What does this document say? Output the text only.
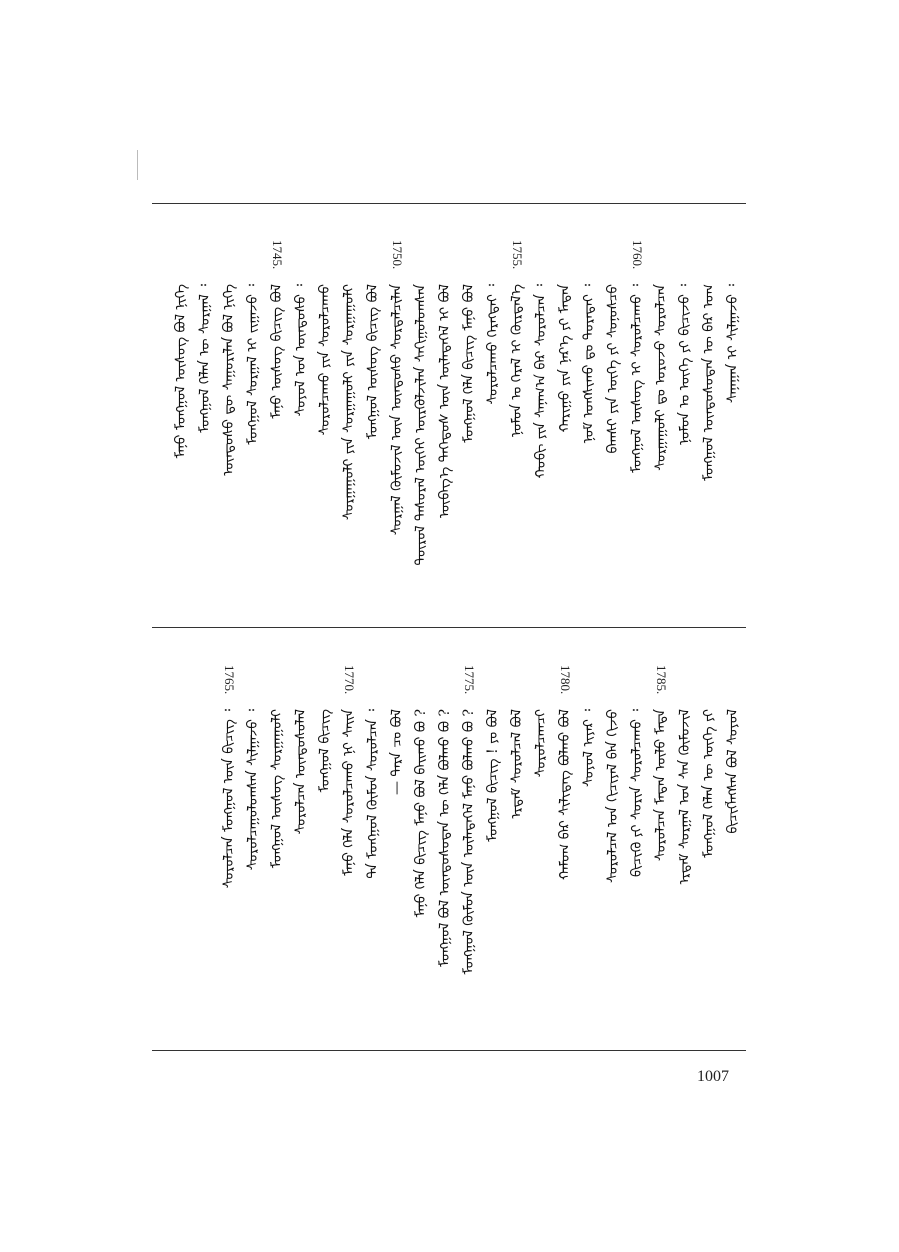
ᠰᠠᠨᠠᠭᠠᠨ ᠢ ᠰᠢᠯᠭᠠᠵᠤ ᠄
ᠮᠣᠩᠭᠣᠯ ᠦᠨᠳᠦᠰᠦᠲᠡᠨ ᠦ ᠪᠠᠷ ᠤᠭ
ᠨᠣᠮᠤᠨ ᠤ ᠦᠭᠡ ᠶᠢ ᠪᠢᠴᠢᠵᠦ ᠄
ᠰᠤᠷᠭᠠᠭᠤᠯᠢ ᠳᠤ ᠣᠷᠤᠵᠤ ᠰᠤᠷᠤᠯᠴᠠᠨ
1760.
ᠮᠣᠩᠭᠣᠯ ᠦᠰᠦᠭ ᠢ ᠰᠤᠷᠤᠯᠴᠠᠬᠤ ᠄
ᠪᠠᠭᠰᠢ ᠶᠢᠨ ᠦᠭᠡ ᠶᠢ ᠰᠣᠨᠣᠰᠴᠤ
ᠨᠣᠮ ᠤᠩᠰᠢᠬᠤ ᠳᠤ ᠳᠤᠷᠠᠲᠠᠢ ᠄
ᠬᠠᠷᠢᠭᠤ ᠶᠢᠨ ᠨᠡᠷ᠎ᠡ ᠶᠢ ᠮᠡᠳᠡᠨ
ᠬᠤᠪᠢ ᠶᠢᠨ ᠰᠠᠨᠠᠭ᠎ᠠ ᠪᠠᠷ ᠰᠤᠷᠤᠯᠴᠠᠨ ᠄
1755.
ᠨᠣᠮᠤᠨ ᠤ ᠭᠡᠷᠡᠯ ᠢ ᠬᠦᠷᠲᠡᠯ᠎ᠡ
ᠰᠤᠷᠤᠯᠴᠠᠬᠤ ᠬᠡᠷᠡᠭᠲᠡᠢ ᠄
ᠮᠣᠩᠭᠣᠯ ᠬᠡᠯᠡ ᠪᠢᠴᠢᠭ ᠮᠠᠨᠤ ᠪᠣᠯ
ᠦᠪᠡᠭ᠎ᠡ ᠳᠡᠭᠡᠳᠦᠰ ᠦᠨ ᠦᠯᠡᠳᠡᠭᠡᠯ ᠢ ᠪᠣᠯ
ᠲᠥᠷᠦᠯ ᠲᠠᠰᠤᠷᠠᠯ ᠦᠭᠡᠢ ᠦᠷᠭᠦᠯᠵᠢᠯᠡᠨ ᠰᠠᠬᠢᠭᠤᠯᠤᠭᠰᠠᠨ
1750.
ᠰᠤᠷᠭᠠᠯ ᠬᠦᠮᠦᠵᠢᠯ ᠦᠨ ᠦᠨᠳᠦᠰᠦ ᠰᠤᠷᠲᠠᠯᠴᠢᠯᠠᠨ
ᠮᠣᠩᠭᠣᠯ ᠦᠰᠦᠭ ᠪᠢᠴᠢᠭ ᠪᠣᠯ
ᠰᠤᠷᠭᠠᠭᠤᠯᠢ ᠶᠢᠨ ᠰᠤᠷᠭᠠᠭᠤᠯᠢ ᠶᠢᠨ ᠰᠤᠷᠭᠠᠭᠤᠯᠢ
ᠰᠤᠷᠤᠯᠴᠠᠬᠤ ᠶᠢᠨ ᠰᠤᠷᠤᠯᠴᠠᠬᠤ
ᠰᠣᠶᠣᠯ ᠤᠨ ᠦᠨᠳᠦᠰᠦ ᠄
1745.
ᠮᠠᠨᠤ ᠦᠰᠦᠭ ᠪᠢᠴᠢᠭ ᠪᠣᠯ
ᠮᠣᠩᠭᠣᠯ ᠰᠤᠷᠭᠠᠯ ᠢ ᠵᠢᠭᠠᠵᠤ ᠄
ᠦᠨᠳᠦᠰᠦ ᠳᠦ ᠰᠠᠭᠤᠷᠢᠯᠠᠨ ᠪᠣᠯ ᠨᠢᠭᠡ
ᠮᠣᠩᠭᠣᠯ ᠬᠡᠯᠡᠨ ᠦ ᠰᠤᠷᠭᠠᠯ ᠄
ᠮᠠᠨᠤ ᠮᠣᠩᠭᠣᠯ ᠦᠰᠦᠭ ᠪᠣᠯ ᠨᠢᠭᠡ
ᠪᠢᠴᠢᠭᠯᠡᠭᠰᠡᠨ ᠪᠣᠯ ᠰᠣᠶᠣᠯ
ᠮᠣᠩᠭᠣᠯ ᠬᠡᠯᠡᠨ ᠦ ᠦᠭᠡ ᠶᠢ
ᠡᠷᠳᠡᠮ ᠰᠤᠷᠭᠠᠯ ᠤᠨ ᠰᠠᠨ ᠬᠦᠮᠦᠵᠢᠯ
1785.
ᠰᠤᠷᠤᠯᠴᠠᠨ ᠮᠡᠳᠡᠨ ᠦᠯᠦ ᠮᠡᠳᠡ
ᠪᠢᠴᠢᠬᠦ ᠶᠢ ᠰᠣᠷᠢᠨ ᠰᠤᠷᠤᠯᠴᠠᠬᠤ ᠄
ᠰᠤᠷᠤᠯᠴᠠᠯ ᠤᠨ ᠬᠢᠴᠢᠶᠡᠯ ᠪᠠᠨ ᠬᠢᠵᠦ
ᠰᠣᠶᠣᠯ ᠢᠶᠡᠷ ᠄
1780.
ᠬᠠᠮᠤᠭ ᠪᠠᠷ ᠰᠢᠯᠢᠳᠡᠭ ᠪᠣᠯᠬᠤ ᠪᠣᠯ
ᠰᠤᠷᠤᠯᠴᠠᠭᠴᠢ
ᠡᠷᠳᠡᠮ ᠰᠤᠷᠤᠯᠴᠠᠯ ᠪᠣᠯ
ᠮᠣᠩᠭᠣᠯ ᠪᠢᠴᠢᠭ ! ᠶᠤ ᠪᠣᠯ
1775.
ᠮᠣᠩᠭᠣᠯ ᠬᠦᠮᠦᠨ ᠦᠨ ᠦᠯᠡᠳᠡᠭᠡᠯ ᠮᠠᠨᠤ ᠪᠣᠯᠬᠤ ᠪᠣ ?
ᠮᠣᠩᠭᠣᠯ ᠪᠣᠯ ᠦᠨᠳᠦᠰᠦᠲᠡᠨ ᠦ ᠬᠡᠯᠡ ᠪᠣᠯᠬᠤ ᠪᠣ ?
ᠮᠠᠨᠤ ᠬᠡᠯᠡ ᠪᠢᠴᠢᠭ ᠮᠠᠨᠤ ᠪᠣᠯ ᠪᠠᠢᠬᠤ ᠪᠣ ?
— ᠲᠡᠷᠡ ᠴᠤ ᠪᠣᠯ
ᠲᠠ ᠮᠣᠩᠭᠣᠯ ᠬᠦᠮᠦᠨ ᠰᠤᠷᠤᠯᠴᠠᠨ ᠄
1770.
ᠮᠠᠨᠤ ᠬᠡᠯᠡ ᠰᠤᠷᠤᠯᠴᠠᠬᠤ ᠨᠢ ᠰᠠᠢᠨ
ᠮᠣᠩᠭᠣᠯ ᠪᠢᠴᠢᠭ
ᠰᠤᠷᠤᠯᠴᠠᠨ ᠦᠨᠳᠦᠰᠦᠯᠡᠯ
ᠮᠣᠩᠭᠣᠯ ᠦᠰᠦᠭ ᠰᠤᠷᠭᠠᠭᠤᠯᠢ
ᠰᠤᠷᠤᠯᠴᠠᠭᠤᠯᠤᠭᠰᠠᠨ ᠰᠢᠯᠭᠠᠵᠤ ᠄
1765.
ᠰᠤᠷᠤᠯᠴᠠᠨ ᠮᠣᠩᠭᠣᠯ ᠦᠨ ᠪᠢᠴᠢᠭ ᠄
1007
